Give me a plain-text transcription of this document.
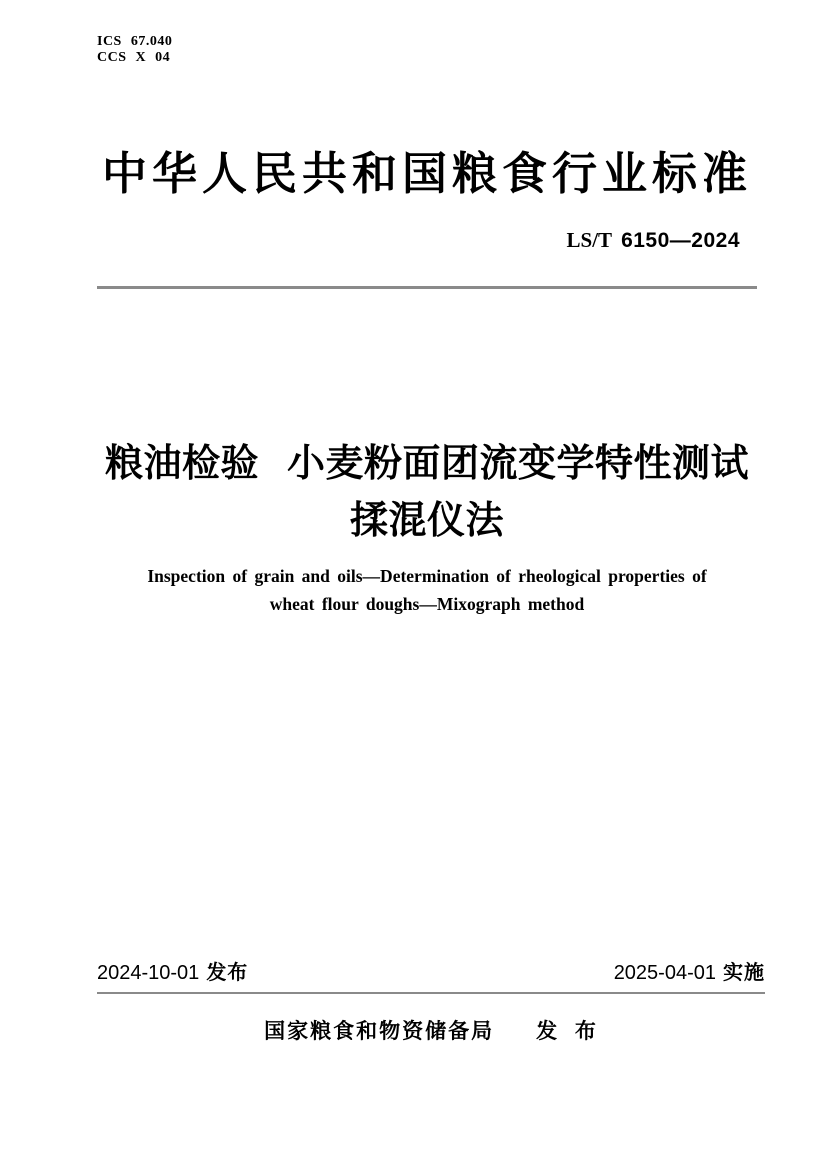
ICS 67.040
CCS X 04
中华人民共和国粮食行业标准
LS/T 6150—2024
粮油检验 小麦粉面团流变学特性测试
揉混仪法
Inspection of grain and oils—Determination of rheological properties of
wheat flour doughs—Mixograph method
2024-10-01 发布	2025-04-01 实施
国家粮食和物资储备局 发 布
